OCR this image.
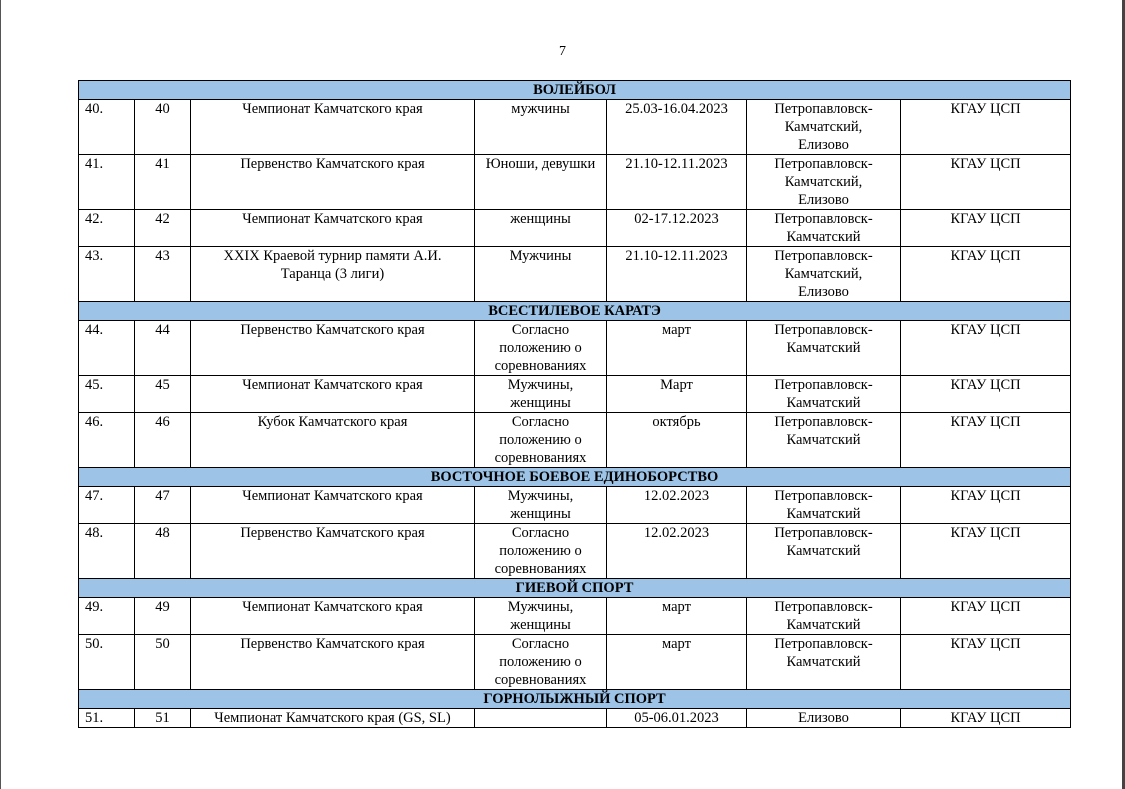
7
ВОЛЕЙБОЛ						
40.	40	Чемпионат Камчатского края	мужчины	25.03-16.04.2023	Петропавловск-
Камчатский,
Елизово	КГАУ ЦСП
41.	41	Первенство Камчатского края	Юноши, девушки	21.10-12.11.2023	Петропавловск-
Камчатский,
Елизово	КГАУ ЦСП
42.	42	Чемпионат Камчатского края	женщины	02-17.12.2023	Петропавловск-
Камчатский	КГАУ ЦСП
43.	43	XXIX Краевой турнир памяти А.И.
Таранца (3 лиги)	Мужчины	21.10-12.11.2023	Петропавловск-
Камчатский,
Елизово	КГАУ ЦСП
ВСЕСТИЛЕВОЕ КАРАТЭ						
44.	44	Первенство Камчатского края	Согласно
положению о
соревнованиях	март	Петропавловск-
Камчатский	КГАУ ЦСП
45.	45	Чемпионат Камчатского края	Мужчины,
женщины	Март	Петропавловск-
Камчатский	КГАУ ЦСП
46.	46	Кубок Камчатского края	Согласно
положению о
соревнованиях	октябрь	Петропавловск-
Камчатский	КГАУ ЦСП
ВОСТОЧНОЕ БОЕВОЕ ЕДИНОБОРСТВО						
47.	47	Чемпионат Камчатского края	Мужчины,
женщины	12.02.2023	Петропавловск-
Камчатский	КГАУ ЦСП
48.	48	Первенство Камчатского края	Согласно
положению о
соревнованиях	12.02.2023	Петропавловск-
Камчатский	КГАУ ЦСП
ГИЕВОЙ СПОРТ						
49.	49	Чемпионат Камчатского края	Мужчины,
женщины	март	Петропавловск-
Камчатский	КГАУ ЦСП
50.	50	Первенство Камчатского края	Согласно
положению о
соревнованиях	март	Петропавловск-
Камчатский	КГАУ ЦСП
ГОРНОЛЫЖНЫЙ СПОРТ						
51.	51	Чемпионат Камчатского края (GS, SL)		05-06.01.2023	Елизово	КГАУ ЦСП
